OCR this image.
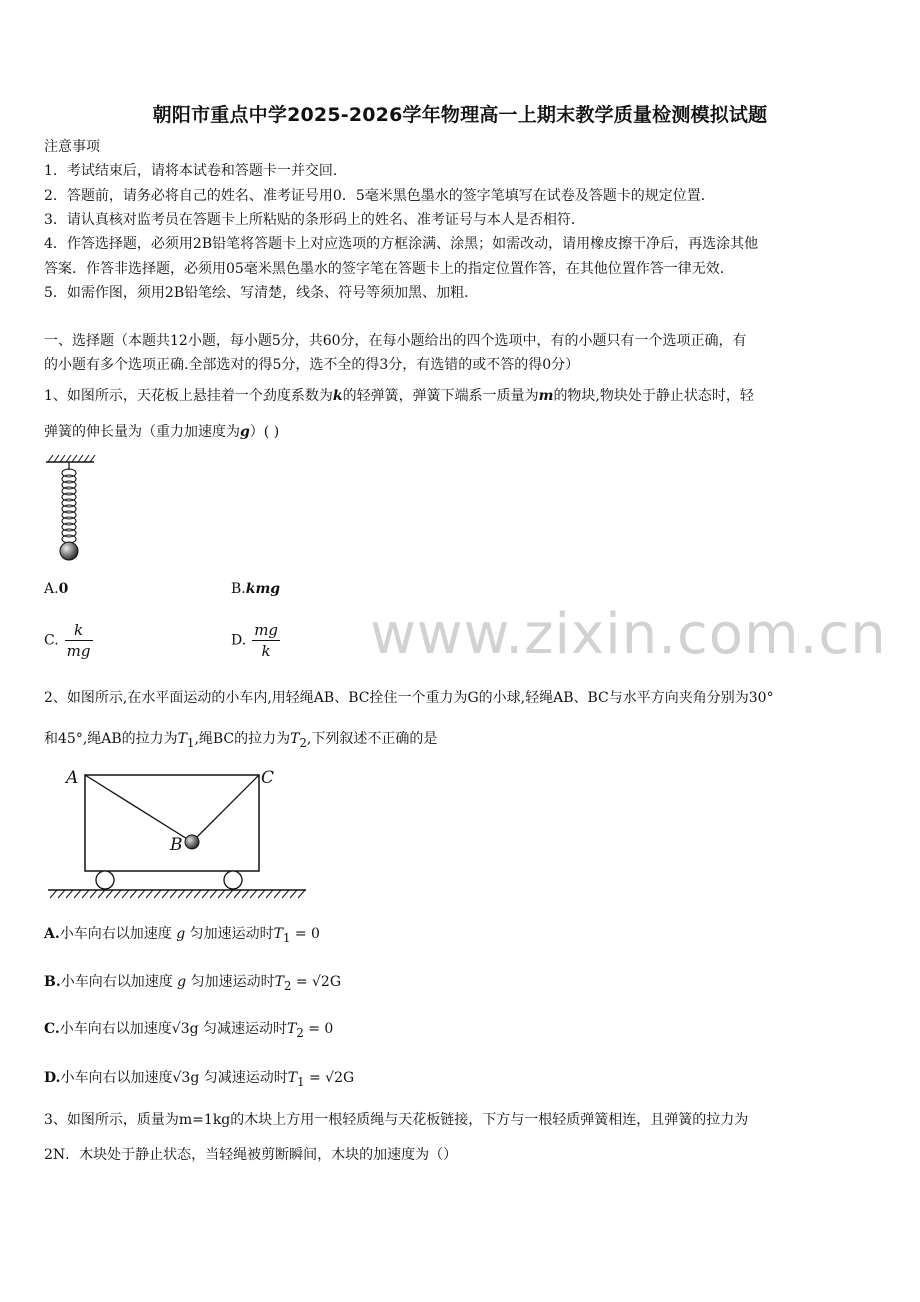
朝阳市重点中学2025-2026学年物理高一上期末教学质量检测模拟试题
注意事项
1．考试结束后，请将本试卷和答题卡一并交回．
2．答题前，请务必将自己的姓名、准考证号用0．5毫米黑色墨水的签字笔填写在试卷及答题卡的规定位置．
3．请认真核对监考员在答题卡上所粘贴的条形码上的姓名、准考证号与本人是否相符．
4．作答选择题，必须用2B铅笔将答题卡上对应选项的方框涂满、涂黑；如需改动，请用橡皮擦干净后，再选涂其他
答案．作答非选择题，必须用05毫米黑色墨水的签字笔在答题卡上的指定位置作答，在其他位置作答一律无效．
5．如需作图，须用2B铅笔绘、写清楚，线条、符号等须加黑、加粗．
一、选择题（本题共12小题，每小题5分，共60分，在每小题给出的四个选项中，有的小题只有一个选项正确，有
的小题有多个选项正确.全部选对的得5分，选不全的得3分，有选错的或不答的得0分）
1、如图所示，天花板上悬挂着一个劲度系数为k的轻弹簧，弹簧下端系一质量为m的物块,物块处于静止状态时，轻
弹簧的伸长量为（重力加速度为g）( )
A.0	B.kmg
C. $\frac{k}{mg}$	D. $\frac{mg}{k}$ www.zixin.com.cn
2、如图所示,在水平面运动的小车内,用轻绳AB、BC拴住一个重力为G的小球,轻绳AB、BC与水平方向夹角分别为30°
和45°,绳AB的拉力为$T_1$,绳BC的拉力为$T_2$,下列叙述不正确的是
A	C
B
A.小车向右以加速度 g 匀加速运动时$T_1 = 0$
B.小车向右以加速度 g 匀加速运动时$T_2 = √2G$
C.小车向右以加速度√3g 匀减速运动时$T_2 = 0$
D.小车向右以加速度√3g 匀减速运动时$T_1 = √2G$
3、如图所示，质量为m=1kg的木块上方用一根轻质绳与天花板链接，下方与一根轻质弹簧相连，且弹簧的拉力为
2N．木块处于静止状态，当轻绳被剪断瞬间，木块的加速度为（）
